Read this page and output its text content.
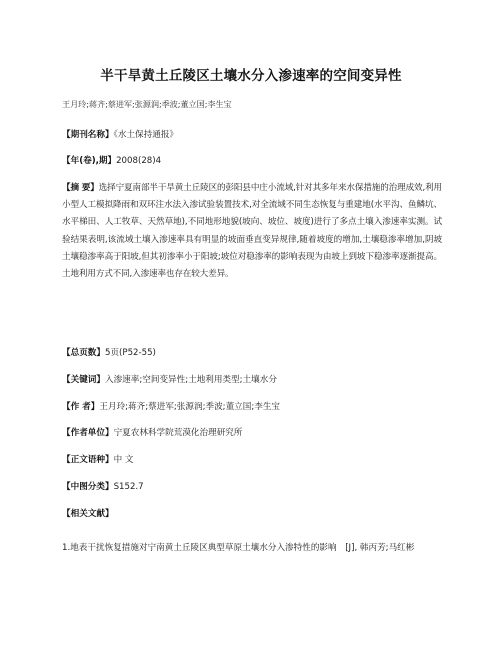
半干旱黄土丘陵区土壤水分入渗速率的空间变异性
王月玲;蒋齐;蔡进军;张源润;季波;董立国;李生宝
【期刊名称】《水土保持通报》
【年(卷),期】2008(28)4
【摘 要】选择宁夏南部半干旱黄土丘陵区的彭阳县中庄小流域,针对其多年来水保措施的治理成效,利用小型人工模拟降雨和双环注水法入渗试验装置技术,对全流域不同生态恢复与重建地(水平沟、鱼鳞坑、水平梯田、人工牧草、天然草地),不同地形地貌(坡向、坡位、坡度)进行了多点土壤入渗速率实测。试验结果表明,该流域土壤入渗速率具有明显的坡面垂直变异规律,随着坡度的增加,土壤稳渗率增加,阴坡土壤稳渗率高于阳坡,但其初渗率小于阳坡;坡位对稳渗率的影响表现为由坡上到坡下稳渗率逐渐提高。土地利用方式不同,入渗速率也存在较大差异。
【总页数】5页(P52-55)
【关键词】入渗速率;空间变异性;土地利用类型;土壤水分
【作 者】王月玲;蒋齐;蔡进军;张源润;季波;董立国;李生宝
【作者单位】宁夏农林科学院荒漠化治理研究所
【正文语种】中 文
【中图分类】S152.7
【相关文献】
1.地表干扰恢复措施对宁南黄土丘陵区典型草原土壤水分入渗特性的影响　[J], 韩丙芳;马红彬
